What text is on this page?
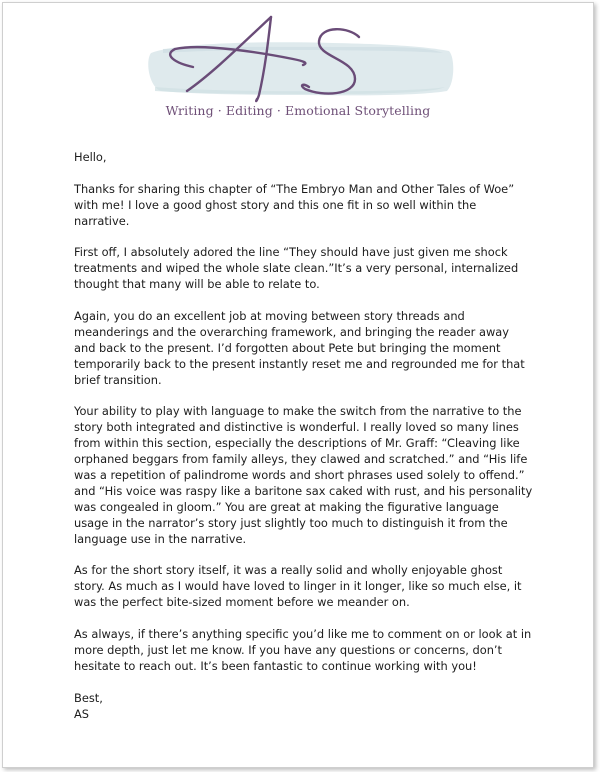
Writing · Editing · Emotional Storytelling

Hello,

Thanks for sharing this chapter of “The Embryo Man and Other Tales of Woe” with me! I love a good ghost story and this one fit in so well within the narrative.

First off, I absolutely adored the line “They should have just given me shock treatments and wiped the whole slate clean.”It’s a very personal, internalized thought that many will be able to relate to.

Again, you do an excellent job at moving between story threads and meanderings and the overarching framework, and bringing the reader away and back to the present. I’d forgotten about Pete but bringing the moment temporarily back to the present instantly reset me and regrounded me for that brief transition.

Your ability to play with language to make the switch from the narrative to the story both integrated and distinctive is wonderful. I really loved so many lines from within this section, especially the descriptions of Mr. Graff: “Cleaving like orphaned beggars from family alleys, they clawed and scratched.” and “His life was a repetition of palindrome words and short phrases used solely to offend.” and “His voice was raspy like a baritone sax caked with rust, and his personality was congealed in gloom.” You are great at making the figurative language usage in the narrator’s story just slightly too much to distinguish it from the language use in the narrative.

As for the short story itself, it was a really solid and wholly enjoyable ghost story. As much as I would have loved to linger in it longer, like so much else, it was the perfect bite-sized moment before we meander on.

As always, if there’s anything specific you’d like me to comment on or look at in more depth, just let me know. If you have any questions or concerns, don’t hesitate to reach out. It’s been fantastic to continue working with you!

Best,

AS
